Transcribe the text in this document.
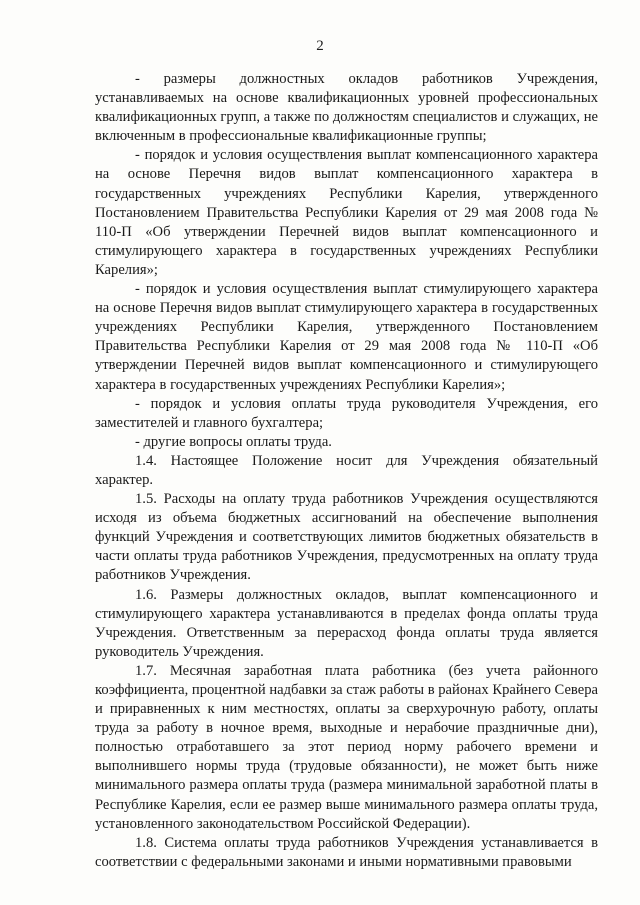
2

- размеры должностных окладов работников Учреждения, устанавливаемых на основе квалификационных уровней профессиональных квалификационных групп, а также по должностям специалистов и служащих, не включенным в профессиональные квалификационные группы;

- порядок и условия осуществления выплат компенсационного характера на основе Перечня видов выплат компенсационного характера в государственных учреждениях Республики Карелия, утвержденного Постановлением Правительства Республики Карелия от 29 мая 2008 года № 110-П «Об утверждении Перечней видов выплат компенсационного и стимулирующего характера в государственных учреждениях Республики Карелия»;

- порядок и условия осуществления выплат стимулирующего характера на основе Перечня видов выплат стимулирующего характера в государственных учреждениях Республики Карелия, утвержденного Постановлением Правительства Республики Карелия от 29 мая 2008 года № 110-П «Об утверждении Перечней видов выплат компенсационного и стимулирующего характера в государственных учреждениях Республики Карелия»;

- порядок и условия оплаты труда руководителя Учреждения, его заместителей и главного бухгалтера;

- другие вопросы оплаты труда.

1.4. Настоящее Положение носит для Учреждения обязательный характер.

1.5. Расходы на оплату труда работников Учреждения осуществляются исходя из объема бюджетных ассигнований на обеспечение выполнения функций Учреждения и соответствующих лимитов бюджетных обязательств в части оплаты труда работников Учреждения, предусмотренных на оплату труда работников Учреждения.

1.6. Размеры должностных окладов, выплат компенсационного и стимулирующего характера устанавливаются в пределах фонда оплаты труда Учреждения. Ответственным за перерасход фонда оплаты труда является руководитель Учреждения.

1.7. Месячная заработная плата работника (без учета районного коэффициента, процентной надбавки за стаж работы в районах Крайнего Севера и приравненных к ним местностях, оплаты за сверхурочную работу, оплаты труда за работу в ночное время, выходные и нерабочие праздничные дни), полностью отработавшего за этот период норму рабочего времени и выполнившего нормы труда (трудовые обязанности), не может быть ниже минимального размера оплаты труда (размера минимальной заработной платы в Республике Карелия, если ее размер выше минимального размера оплаты труда, установленного законодательством Российской Федерации).

1.8. Система оплаты труда работников Учреждения устанавливается в соответствии с федеральными законами и иными нормативными правовыми
